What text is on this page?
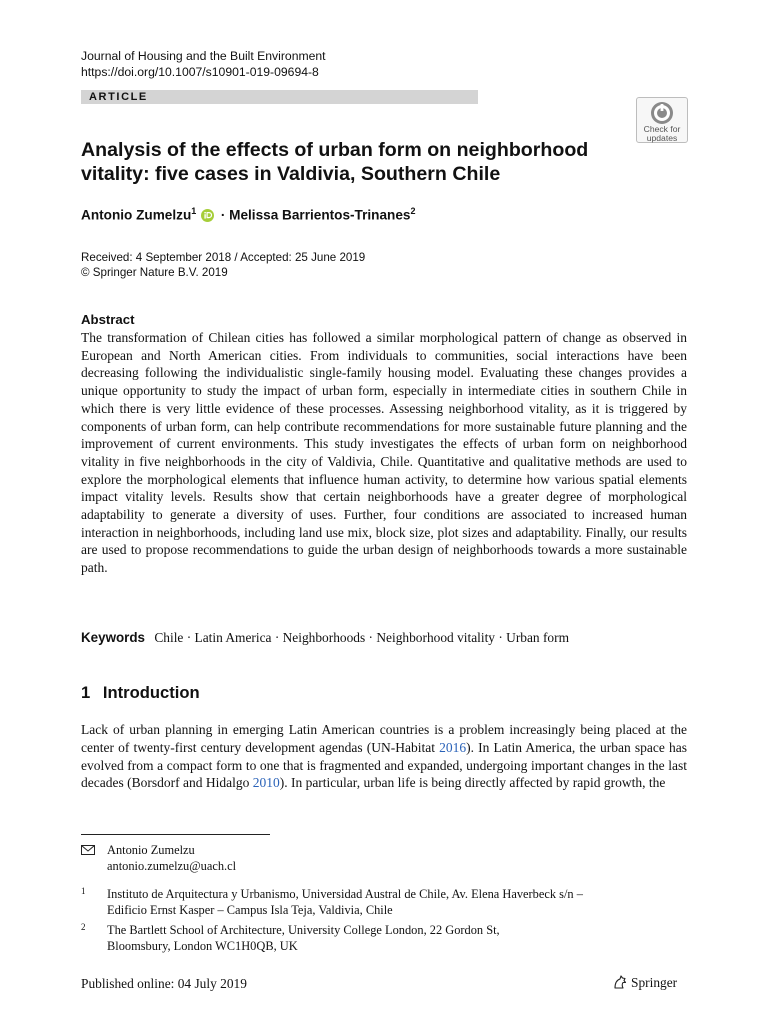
Journal of Housing and the Built Environment
https://doi.org/10.1007/s10901-019-09694-8
ARTICLE
Check for
updates
Analysis of the effects of urban form on neighborhood
vitality: five cases in Valdivia, Southern Chile
Antonio Zumelzu$^1$ · Melissa Barrientos-Trinanes$^2$
Received: 4 September 2018 / Accepted: 25 June 2019
© Springer Nature B.V. 2019
Abstract

The transformation of Chilean cities has followed a similar morphological pattern of change as observed in European and North American cities. From individuals to communities, social interactions have been decreasing following the individualistic single-family housing model. Evaluating these changes provides a unique opportunity to study the impact of urban form, especially in intermediate cities in southern Chile in which there is very little evidence of these processes. Assessing neighborhood vitality, as it is triggered by components of urban form, can help contribute recommendations for more sustainable future planning and the improvement of current environments. This study investigates the effects of urban form on neighborhood vitality in five neighborhoods in the city of Valdivia, Chile. Quantitative and qualitative methods are used to explore the morphological elements that influence human activity, to determine how various spatial elements impact vitality levels. Results show that certain neighborhoods have a greater degree of morphological adaptability to generate a diversity of uses. Further, four conditions are associated to increased human interaction in neighborhoods, including land use mix, block size, plot sizes and adaptability. Finally, our results are used to propose recommendations to guide the urban design of neighborhoods towards a more sustainable path.

Keywords Chile · Latin America · Neighborhoods · Neighborhood vitality · Urban form
1 Introduction

Lack of urban planning in emerging Latin American countries is a problem increasingly being placed at the center of twenty-first century development agendas (UN-Habitat 2016). In Latin America, the urban space has evolved from a compact form to one that is fragmented and expanded, undergoing important changes in the last decades (Borsdorf and Hidalgo 2010). In particular, urban life is being directly affected by rapid growth, the

Antonio Zumelzu
antonio.zumelzu@uach.cl
1 Instituto de Arquitectura y Urbanismo, Universidad Austral de Chile, Av. Elena Haverbeck s/n –
Edificio Ernst Kasper – Campus Isla Teja, Valdivia, Chile
2 The Bartlett School of Architecture, University College London, 22 Gordon St,
Bloomsbury, London WC1H0QB, UK
Published online: 04 July 2019	Springer
